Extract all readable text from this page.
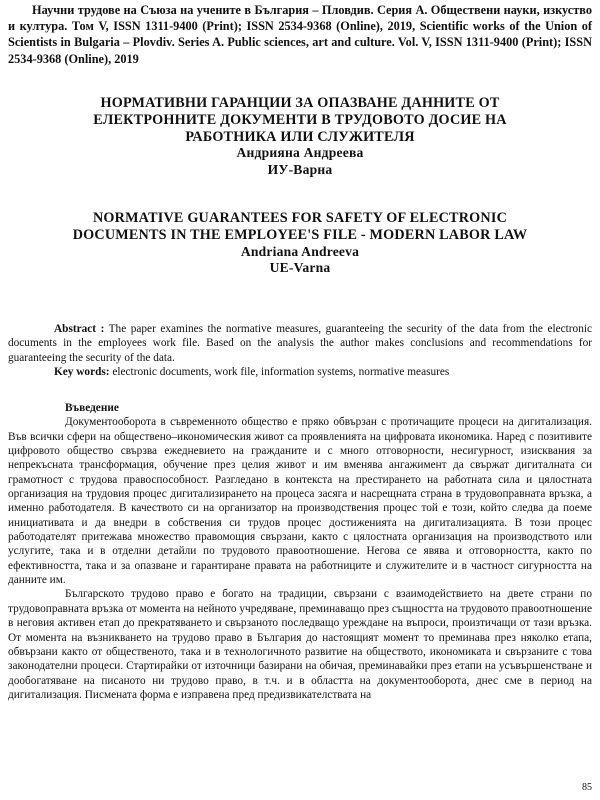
Научни трудове на Съюза на учените в България – Пловдив. Серия А. Обществени науки, изкуство и култура. Том V, ISSN 1311-9400 (Print); ISSN 2534-9368 (Online), 2019, Scientific works of the Union of Scientists in Bulgaria – Plovdiv. Series A. Public sciences, art and culture. Vol. V, ISSN 1311-9400 (Print); ISSN 2534-9368 (Online), 2019
НОРМАТИВНИ ГАРАНЦИИ ЗА ОПАЗВАНЕ ДАННИТЕ ОТ
ЕЛЕКТРОННИТЕ ДОКУМЕНТИ В ТРУДОВОТО ДОСИЕ НА
РАБОТНИКА ИЛИ СЛУЖИТЕЛЯ
Андрияна Андреева
ИУ-Варна
NORMATIVE GUARANTEES FOR SAFETY OF ELECTRONIC
DOCUMENTS IN THE EMPLOYEE'S FILE - MODERN LABOR LAW
Andriana Andreeva
UE-Varna

Abstract : The paper examines the normative measures, guaranteeing the security of the data from the electronic documents in the employees work file. Based on the analysis the author makes conclusions and recommendations for guaranteeing the security of the data.

Key words: electronic documents, work file, information systems, normative measures

Въведение

Документооборота в съвременното общество е пряко обвързан с протичащите процеси на дигитализация. Във всички сфери на обществено–икономическия живот са проявленията на цифровата икономика. Наред с позитивите цифровото общество свързва ежедневието на гражданите и с много отговорности, несигурност, изисквания за непрекъсната трансформация, обучение през целия живот и им вменява ангажимент да свържат дигиталната си грамотност с трудова правоспособност. Разгледано в контекста на престирането на работната сила и цялостната организация на трудовия процес дигитализирането на процеса засяга и насрещната страна в трудовоправната връзка, а именно работодателя. В качеството си на организатор на производствения процес той е този, който следва да поеме инициативата и да внедри в собствения си трудов процес достиженията на дигитализацията. В този процес работодателят притежава множество правомощия свързани, както с цялостната организация на производството или услугите, така и в отделни детайли по трудовото правоотношение. Негова се явява и отговорността, както по ефективността, така и за опазване и гарантиране правата на работниците и служителите и в частност сигурността на данните им.

Българското трудово право е богато на традиции, свързани с взаимодействието на двете страни по трудовоправната връзка от момента на нейното учредяване, преминаващо през същността на трудовото правоотношение в неговия активен етап до прекратяването и свързаното последващо уреждане на въпроси, произтичащи от тази връзка. От момента на възникването на трудово право в България до настоящият момент то преминава през няколко етапа, обвързани както от общественото, така и в технологичното развитие на обществото, икономиката и свързаните с това законодателни процеси. Стартирайки от източници базирани на обичая, преминавайки през етапи на усъвършенстване и дообогатяване на писаното ни трудово право, в т.ч. и в областта на документооборота, днес сме в период на дигитализация. Писмената форма е изправена пред предизвикателствата на

85
